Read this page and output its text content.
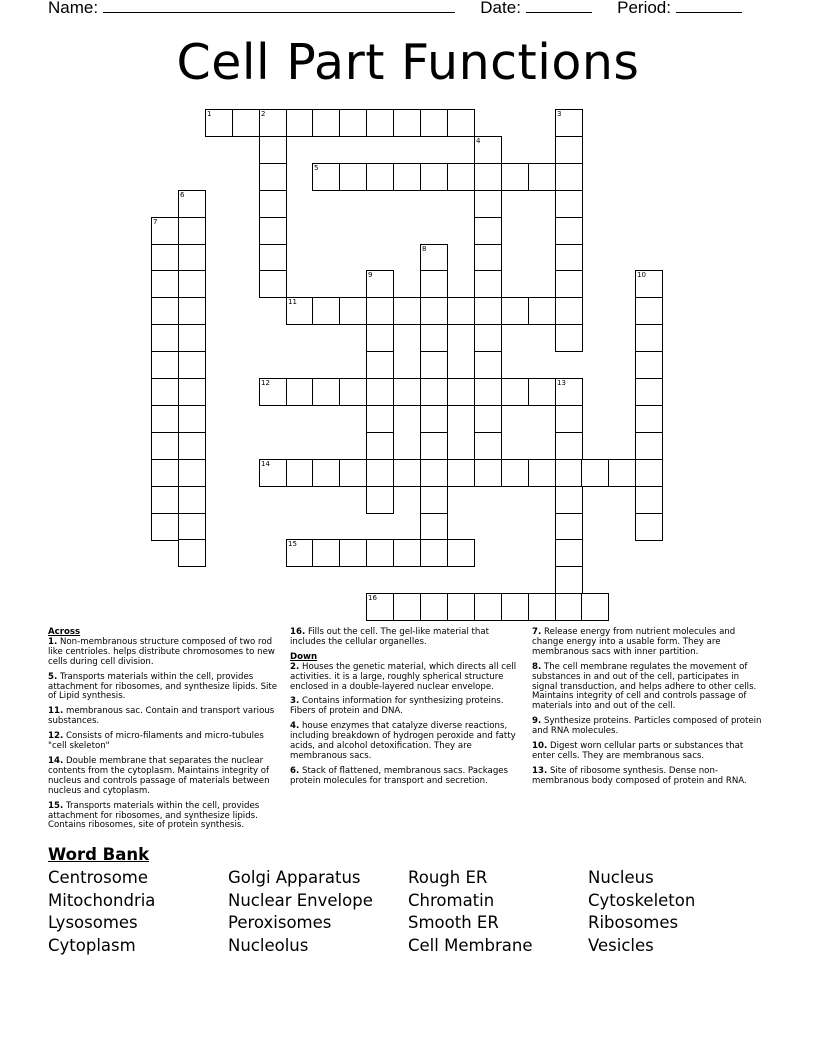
Name:	Date:	Period:
Cell Part Functions
1	2	3
4
5
6
7
8
9	10
11
12	13
14
15
16
Across
1. Non-membranous structure composed of two rod like centrioles. helps distribute chromosomes to new cells during cell division.
5. Transports materials within the cell, provides attachment for ribosomes, and synthesize lipids. Site of Lipid synthesis.
11. membranous sac. Contain and transport various substances.
12. Consists of micro-filaments and micro-tubules "cell skeleton"
14. Double membrane that separates the nuclear contents from the cytoplasm. Maintains integrity of nucleus and controls passage of materials between nucleus and cytoplasm.
15. Transports materials within the cell, provides attachment for ribosomes, and synthesize lipids. Contains ribosomes, site of protein synthesis.
16. Fills out the cell. The gel-like material that includes the cellular organelles.
Down
2. Houses the genetic material, which directs all cell activities. it is a large, roughly spherical structure enclosed in a double-layered nuclear envelope.
3. Contains information for synthesizing proteins. Fibers of protein and DNA.
4. house enzymes that catalyze diverse reactions, including breakdown of hydrogen peroxide and fatty acids, and alcohol detoxification. They are membranous sacs.
6. Stack of flattened, membranous sacs. Packages protein molecules for transport and secretion.
7. Release energy from nutrient molecules and change energy into a usable form. They are membranous sacs with inner partition.
8. The cell membrane regulates the movement of substances in and out of the cell, participates in signal transduction, and helps adhere to other cells. Maintains integrity of cell and controls passage of materials into and out of the cell.
9. Synthesize proteins. Particles composed of protein and RNA molecules.
10. Digest worn cellular parts or substances that enter cells. They are membranous sacs.
13. Site of ribosome synthesis. Dense non-membranous body composed of protein and RNA.
Word Bank
Centrosome
Mitochondria
Lysosomes
Cytoplasm
Golgi Apparatus
Nuclear Envelope
Peroxisomes
Nucleolus
Rough ER
Chromatin
Smooth ER
Cell Membrane
Nucleus
Cytoskeleton
Ribosomes
Vesicles
